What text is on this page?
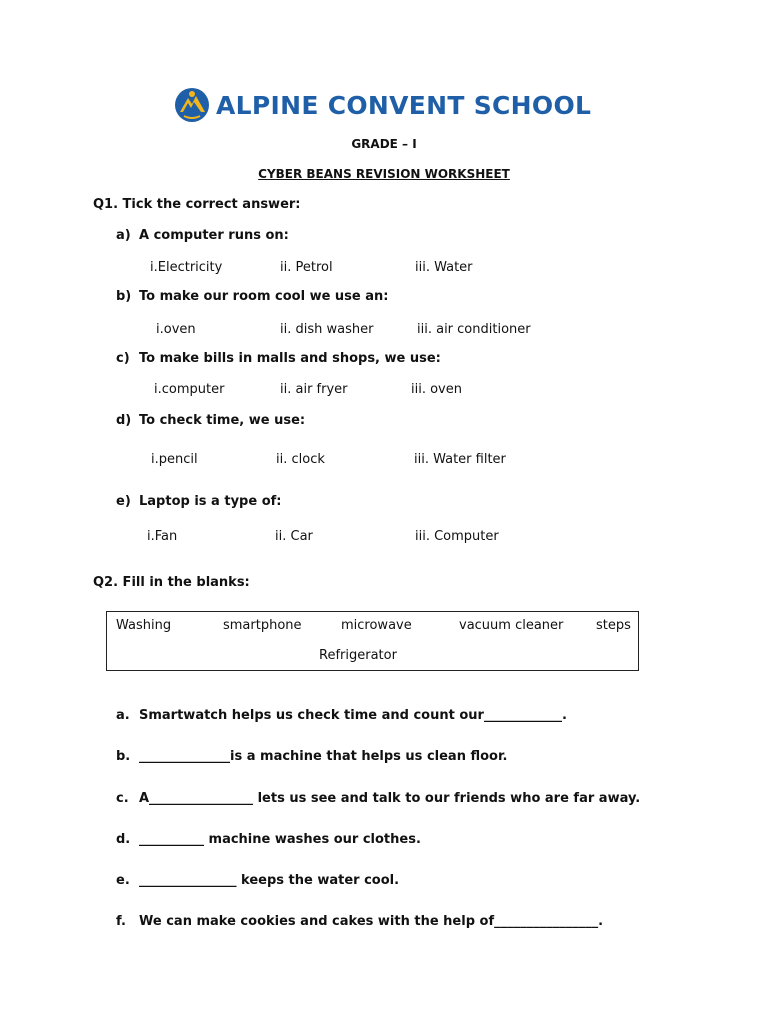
ALPINE CONVENT SCHOOL
GRADE – I
CYBER BEANS REVISION WORKSHEET
Q1. Tick the correct answer:
a) A computer runs on:
i.Electricity	ii. Petrol	iii. Water
b) To make our room cool we use an:
i.oven	ii. dish washer	iii. air conditioner
c) To make bills in malls and shops, we use:
i.computer	ii. air fryer	iii. oven
d) To check time, we use:
i.pencil	ii. clock	iii. Water filter
e) Laptop is a type of:
i.Fan	ii. Car	iii. Computer
Q2. Fill in the blanks:
Washing	smartphone	microwave	vacuum cleaner	steps
Refrigerator
a. Smartwatch helps us check time and count our____________.
b. ______________is a machine that helps us clean floor.
c. A________________ lets us see and talk to our friends who are far away.
d. __________ machine washes our clothes.
e. _______________ keeps the water cool.
f. We can make cookies and cakes with the help of________________.
